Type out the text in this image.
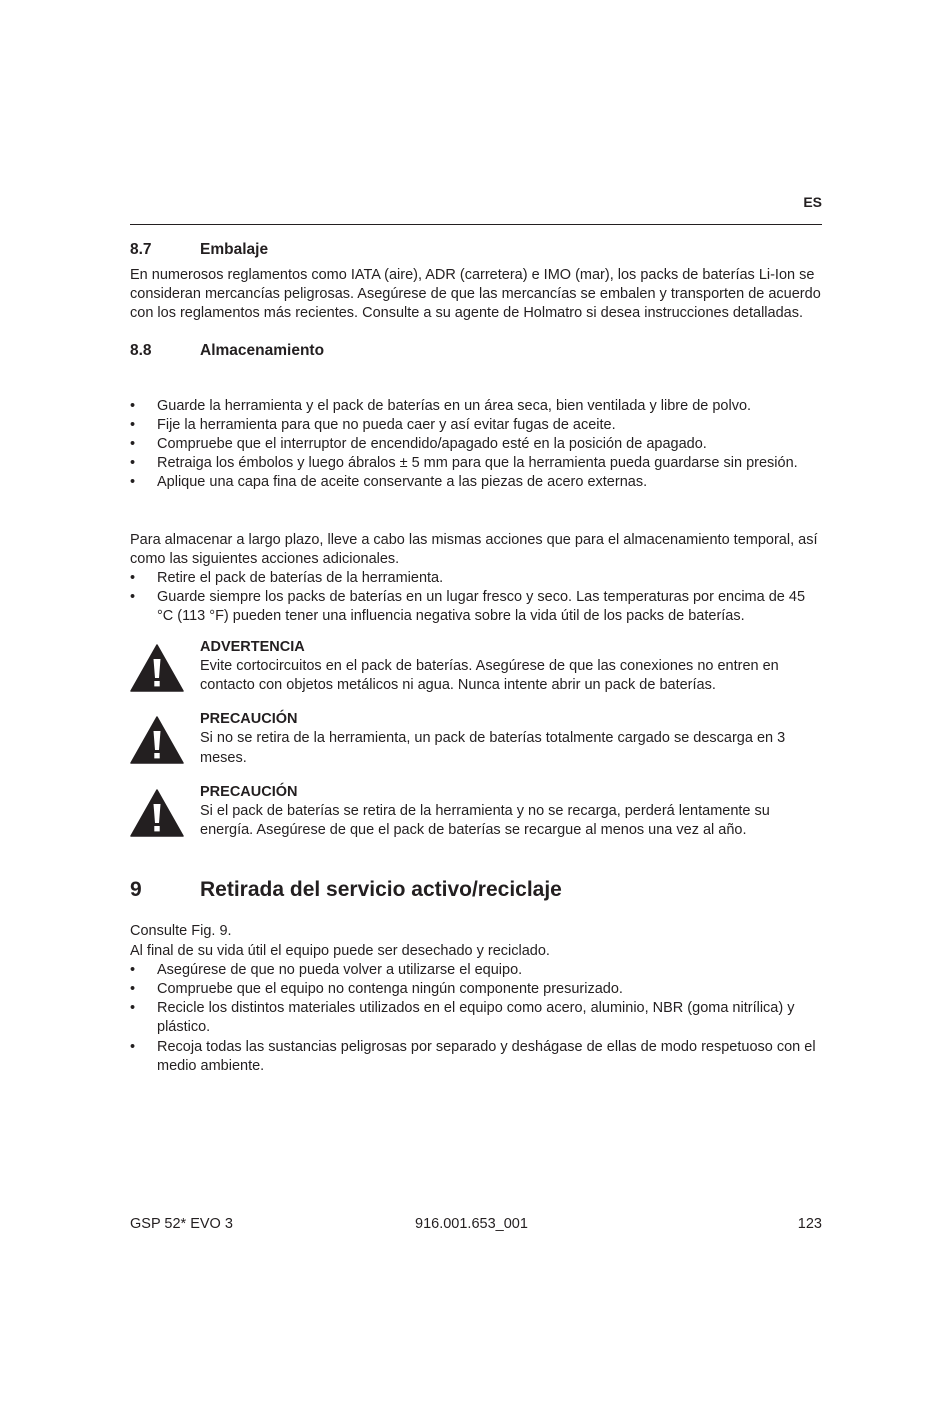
ES
8.7	Embalaje

En numerosos reglamentos como IATA (aire), ADR (carretera) e IMO (mar), los packs de baterías Li-Ion se consideran mercancías peligrosas. Asegúrese de que las mercancías se embalen y transporten de acuerdo con los reglamentos más recientes. Consulte a su agente de Holmatro si desea instrucciones detalladas.

8.8	Almacenamiento
• Guarde la herramienta y el pack de baterías en un área seca, bien ventilada y libre de polvo.
• Fije la herramienta para que no pueda caer y así evitar fugas de aceite.
• Compruebe que el interruptor de encendido/apagado esté en la posición de apagado.
• Retraiga los émbolos y luego ábralos ± 5 mm para que la herramienta pueda guardarse sin presión.
• Aplique una capa fina de aceite conservante a las piezas de acero externas.

Para almacenar a largo plazo, lleve a cabo las mismas acciones que para el almacenamiento temporal, así como las siguientes acciones adicionales.

• Retire el pack de baterías de la herramienta.
• Guarde siempre los packs de baterías en un lugar fresco y seco. Las temperaturas por encima de 45 °C (113 °F) pueden tener una influencia negativa sobre la vida útil de los packs de baterías.
ADVERTENCIA
Evite cortocircuitos en el pack de baterías. Asegúrese de que las conexiones no entren en contacto con objetos metálicos ni agua. Nunca intente abrir un pack de baterías.
PRECAUCIÓN
Si no se retira de la herramienta, un pack de baterías totalmente cargado se descarga en 3 meses.
PRECAUCIÓN
Si el pack de baterías se retira de la herramienta y no se recarga, perderá lentamente su energía. Asegúrese de que el pack de baterías se recargue al menos una vez al año.
9	Retirada del servicio activo/reciclaje

Consulte Fig. 9.

Al final de su vida útil el equipo puede ser desechado y reciclado.

• Asegúrese de que no pueda volver a utilizarse el equipo.
• Compruebe que el equipo no contenga ningún componente presurizado.
• Recicle los distintos materiales utilizados en el equipo como acero, aluminio, NBR (goma nitrílica) y plástico.
• Recoja todas las sustancias peligrosas por separado y deshágase de ellas de modo respetuoso con el medio ambiente.
GSP 52* EVO 3	916.001.653_001	123
